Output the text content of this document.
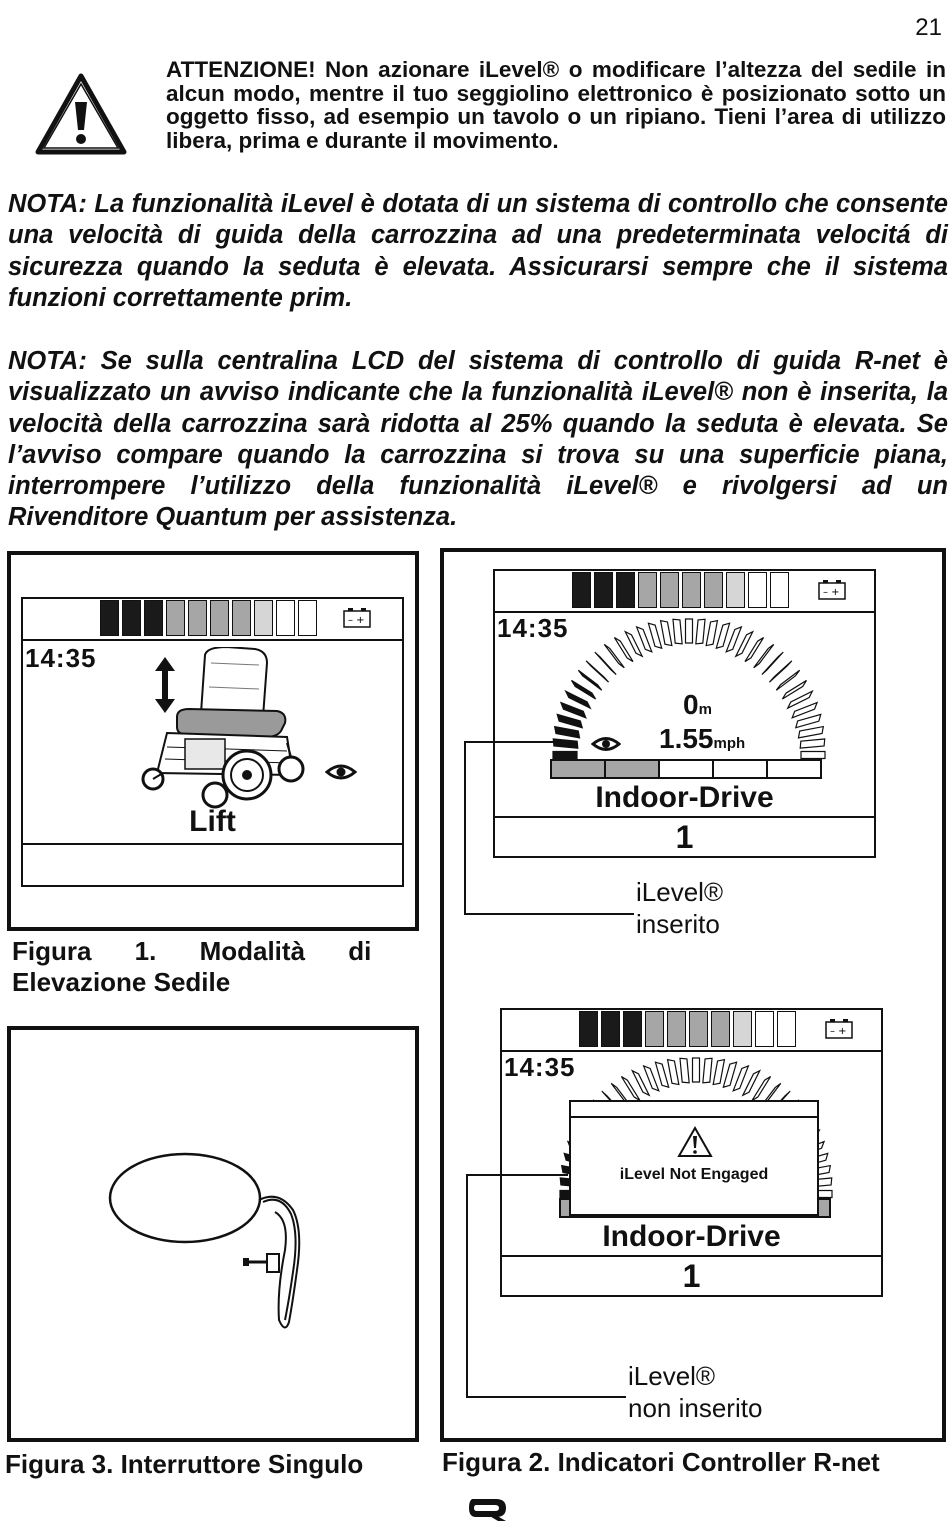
21
ATTENZIONE! Non azionare iLevel® o modificare l’altezza del sedile in alcun modo, mentre il tuo seggiolino elettronico è posizionato sotto un oggetto fisso, ad esempio un tavolo o un ripiano. Tieni l’area di utilizzo libera, prima e durante il movimento.
NOTA: La funzionalità iLevel è dotata di un sistema di controllo che consente una velocità di guida della carrozzina ad una predeterminata velocitá di sicurezza quando la seduta è elevata. Assicurarsi sempre che il sistema funzioni correttamente prim.
NOTA: Se sulla centralina LCD del sistema di controllo di guida R-net è visualizzato un avviso indicante che la funzionalità iLevel® non è inserita, la velocità della carrozzina sarà ridotta al 25% quando la seduta è elevata. Se l’avviso compare quando la carrozzina si trova su una superficie piana, interrompere l’utilizzo della funzionalità iLevel® e rivolgersi ad un Rivenditore Quantum per assistenza.
– +
14:35
Lift
Figura 1. Modalità di
Elevazione Sedile
Figura 3. Interruttore Singulo
– +
14:35
0m
1.55mph
Indoor-Drive
1
iLevel®
inserito
– +
14:35
iLevel Not Engaged
Indoor-Drive
1
iLevel®
non inserito
Figura 2. Indicatori Controller R-net
